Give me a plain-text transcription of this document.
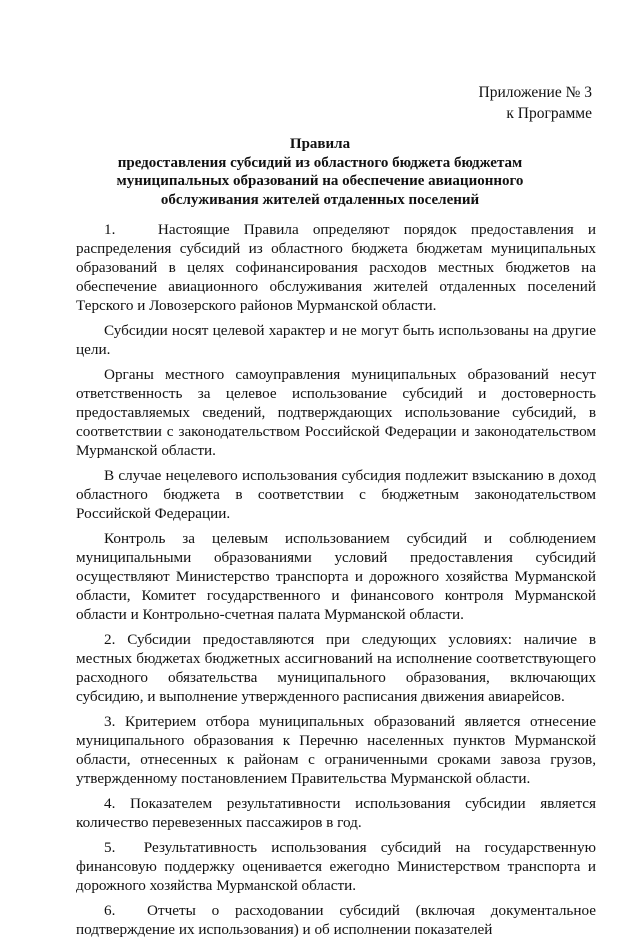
Приложение № 3
к Программе
Правила
предоставления субсидий из областного бюджета бюджетам
муниципальных образований на обеспечение авиационного
обслуживания жителей отдаленных поселений

1.   Настоящие Правила определяют порядок предоставления и распределения субсидий из областного бюджета бюджетам муниципальных образований в целях софинансирования расходов местных бюджетов на обеспечение авиационного обслуживания жителей отдаленных поселений Терского и Ловозерского районов Мурманской области.

Субсидии носят целевой характер и не могут быть использованы на другие цели.

Органы местного самоуправления муниципальных образований несут ответственность за целевое использование субсидий и достоверность предоставляемых сведений, подтверждающих использование субсидий, в соответствии с законодательством Российской Федерации и законодательством Мурманской области.

В случае нецелевого использования субсидия подлежит взысканию в доход областного бюджета в соответствии с бюджетным законодательством Российской Федерации.

Контроль за целевым использованием субсидий и соблюдением муниципальными образованиями условий предоставления субсидий осуществляют Министерство транспорта и дорожного хозяйства Мурманской области, Комитет государственного и финансового контроля Мурманской области и Контрольно-счетная палата Мурманской области.

2. Субсидии предоставляются при следующих условиях: наличие в местных бюджетах бюджетных ассигнований на исполнение соответствующего расходного обязательства муниципального образования, включающих субсидию, и выполнение утвержденного расписания движения авиарейсов.

3. Критерием отбора муниципальных образований является отнесение муниципального образования к Перечню населенных пунктов Мурманской области, отнесенных к районам с ограниченными сроками завоза грузов, утвержденному постановлением Правительства Мурманской области.

4. Показателем результативности использования субсидии является количество перевезенных пассажиров в год.

5.  Результативность использования субсидий на государственную финансовую поддержку оценивается ежегодно Министерством транспорта и дорожного хозяйства Мурманской области.

6.  Отчеты о расходовании субсидий (включая документальное подтверждение их использования) и об исполнении показателей
